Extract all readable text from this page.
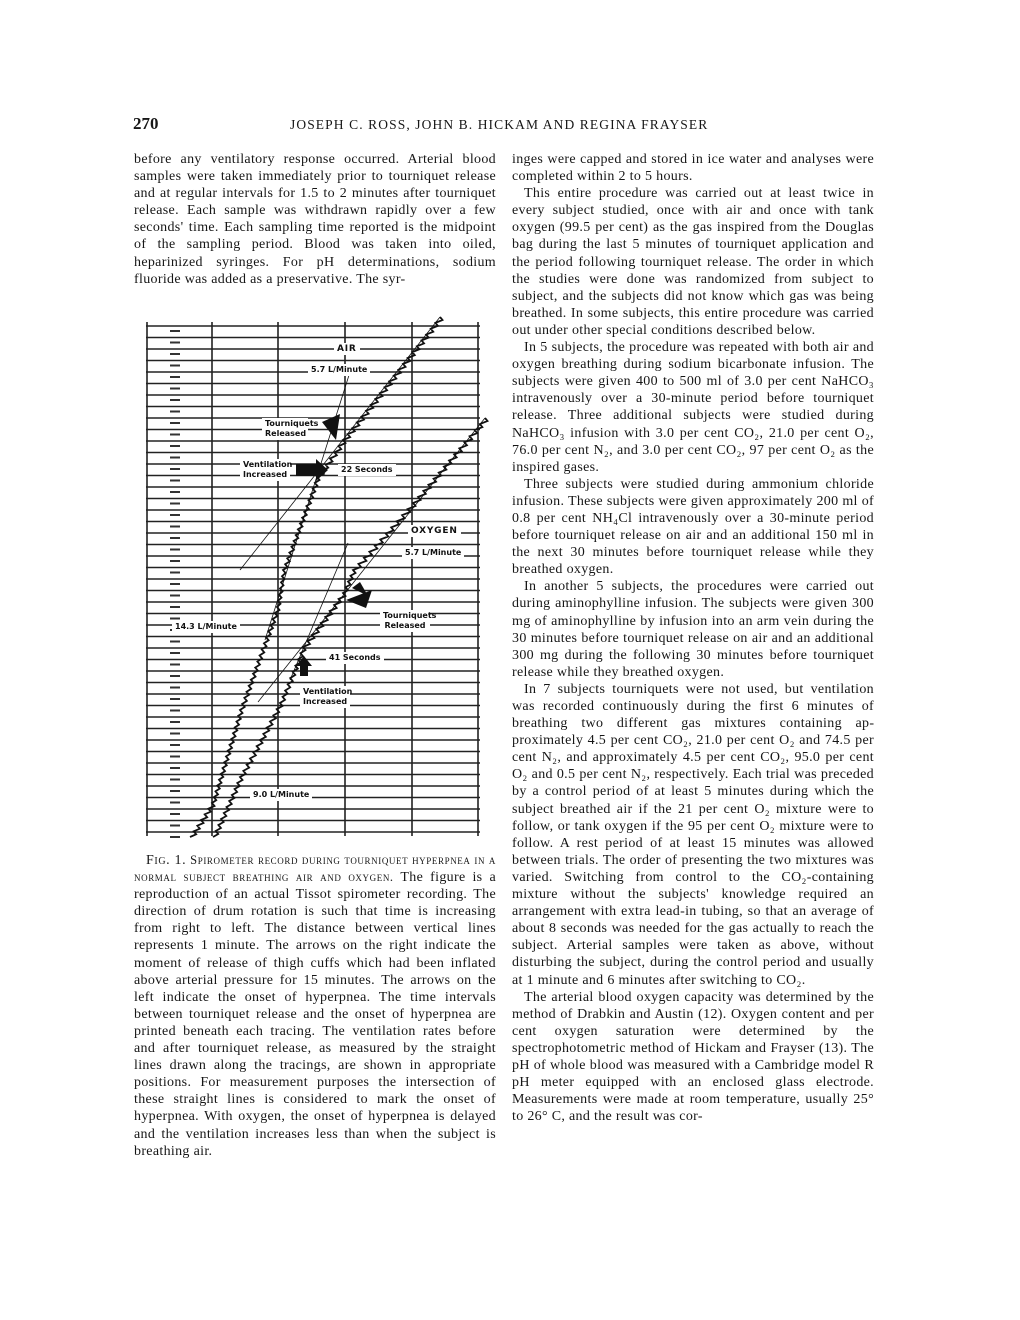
270	JOSEPH C. ROSS, JOHN B. HICKAM AND REGINA FRAYSER

before any ventilatory response occurred. Arterial blood samples were taken immediately prior to tourniquet release and at regular intervals for 1.5 to 2 minutes after tourniquet release. Each sample was withdrawn rapidly over a few seconds' time. Each sampling time reported is the midpoint of the sampling period. Blood was taken into oiled, heparinized syringes. For pH determinations, sodium fluoride was added as a preservative. The syr-

AIR
5.7 L/Minute
Tourniquets Released
Ventilation Increased
22 Seconds
OXYGEN
5.7 L/Minute
Tourniquets Released
14.3 L/Minute
41 Seconds
Ventilation Increased
9.0 L/Minute

Fig. 1. Spirometer record during tourniquet hyperpnea in a normal subject breathing air and oxygen. The figure is a reproduction of an actual Tissot spirometer recording. The direction of drum rotation is such that time is increasing from right to left. The distance between vertical lines represents 1 minute. The arrows on the right indicate the moment of release of thigh cuffs which had been inflated above arterial pressure for 15 minutes. The arrows on the left indicate the onset of hyperpnea. The time intervals between tourniquet release and the onset of hyperpnea are printed beneath each tracing. The ventilation rates before and after tourniquet release, as measured by the straight lines drawn along the tracings, are shown in appropriate positions. For measurement purposes the intersection of these straight lines is considered to mark the onset of hyperpnea. With oxygen, the onset of hyperpnea is delayed and the ventilation increases less than when the subject is breathing air.

inges were capped and stored in ice water and analyses were completed within 2 to 5 hours.

This entire procedure was carried out at least twice in every subject studied, once with air and once with tank oxygen (99.5 per cent) as the gas inspired from the Douglas bag during the last 5 minutes of tourniquet application and the period following tourniquet release. The order in which the studies were done was randomized from subject to subject, and the subjects did not know which gas was being breathed. In some subjects, this entire procedure was carried out under other special conditions described below.

In 5 subjects, the procedure was repeated with both air and oxygen breathing during sodium bicarbonate infusion. The subjects were given 400 to 500 ml of 3.0 per cent NaHCO₃ intravenously over a 30-minute period before tourniquet release. Three additional subjects were studied during NaHCO₃ infusion with 3.0 per cent CO₂, 21.0 per cent O₂, 76.0 per cent N₂, and 3.0 per cent CO₂, 97 per cent O₂ as the inspired gases.

Three subjects were studied during ammonium chloride infusion. These subjects were given approximately 200 ml of 0.8 per cent NH₄Cl intravenously over a 30-minute period before tourniquet release on air and an additional 150 ml in the next 30 minutes before tourniquet release while they breathed oxygen.

In another 5 subjects, the procedures were carried out during aminophylline infusion. The subjects were given 300 mg of aminophylline by infusion into an arm vein during the 30 minutes before tourniquet release on air and an additional 300 mg during the following 30 minutes before tourniquet release while they breathed oxygen.

In 7 subjects tourniquets were not used, but ventilation was recorded continuously during the first 6 minutes of breathing two different gas mixtures containing approximately 4.5 per cent CO₂, 21.0 per cent O₂ and 74.5 per cent N₂, and approximately 4.5 per cent CO₂, 95.0 per cent O₂ and 0.5 per cent N₂, respectively. Each trial was preceded by a control period of at least 5 minutes during which the subject breathed air if the 21 per cent O₂ mixture were to follow, or tank oxygen if the 95 per cent O₂ mixture were to follow. A rest period of at least 15 minutes was allowed between trials. The order of presenting the two mixtures was varied. Switching from control to the CO₂-containing mixture without the subjects' knowledge required an arrangement with extra lead-in tubing, so that an average of about 8 seconds was needed for the gas actually to reach the subject. Arterial samples were taken as above, without disturbing the subject, during the control period and usually at 1 minute and 6 minutes after switching to CO₂.

The arterial blood oxygen capacity was determined by the method of Drabkin and Austin (12). Oxygen content and per cent oxygen saturation were determined by the spectrophotometric method of Hickam and Frayser (13). The pH of whole blood was measured with a Cambridge model R pH meter equipped with an enclosed glass electrode. Measurements were made at room temperature, usually 25° to 26° C, and the result was cor-
